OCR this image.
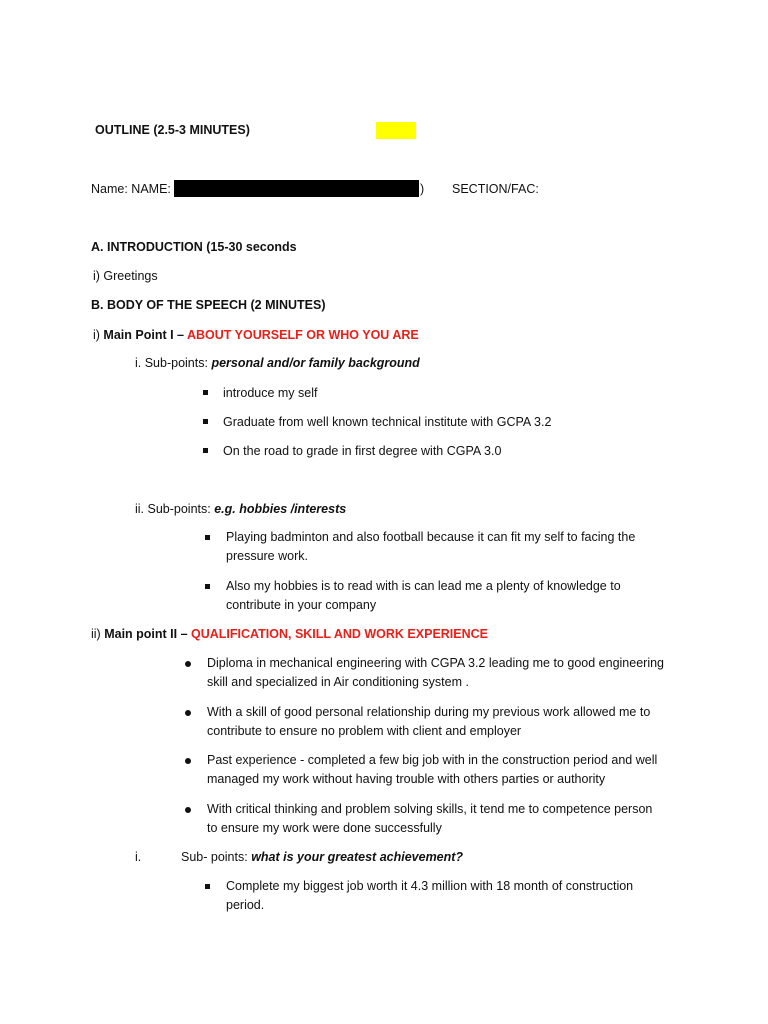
OUTLINE (2.5-3 MINUTES)
Name: NAME:	) SECTION/FAC:
A. INTRODUCTION (15-30 seconds
i) Greetings
B. BODY OF THE SPEECH (2 MINUTES)
i) Main Point I – ABOUT YOURSELF OR WHO YOU ARE
i. Sub-points: personal and/or family background
introduce my self
Graduate from well known technical institute with GCPA 3.2
On the road to grade in first degree with CGPA 3.0
ii. Sub-points: e.g. hobbies /interests
Playing badminton and also football because it can fit my self to facing the
pressure work.
Also my hobbies is to read with is can lead me a plenty of knowledge to
contribute in your company
ii) Main point II – QUALIFICATION, SKILL AND WORK EXPERIENCE
Diploma in mechanical engineering with CGPA 3.2 leading me to good engineering
skill and specialized in Air conditioning system .
With a skill of good personal relationship during my previous work allowed me to
contribute to ensure no problem with client and employer
Past experience - completed a few big job with in the construction period and well
managed my work without having trouble with others parties or authority
With critical thinking and problem solving skills, it tend me to competence person
to ensure my work were done successfully
i.	Sub- points: what is your greatest achievement?
Complete my biggest job worth it 4.3 million with 18 month of construction
period.
